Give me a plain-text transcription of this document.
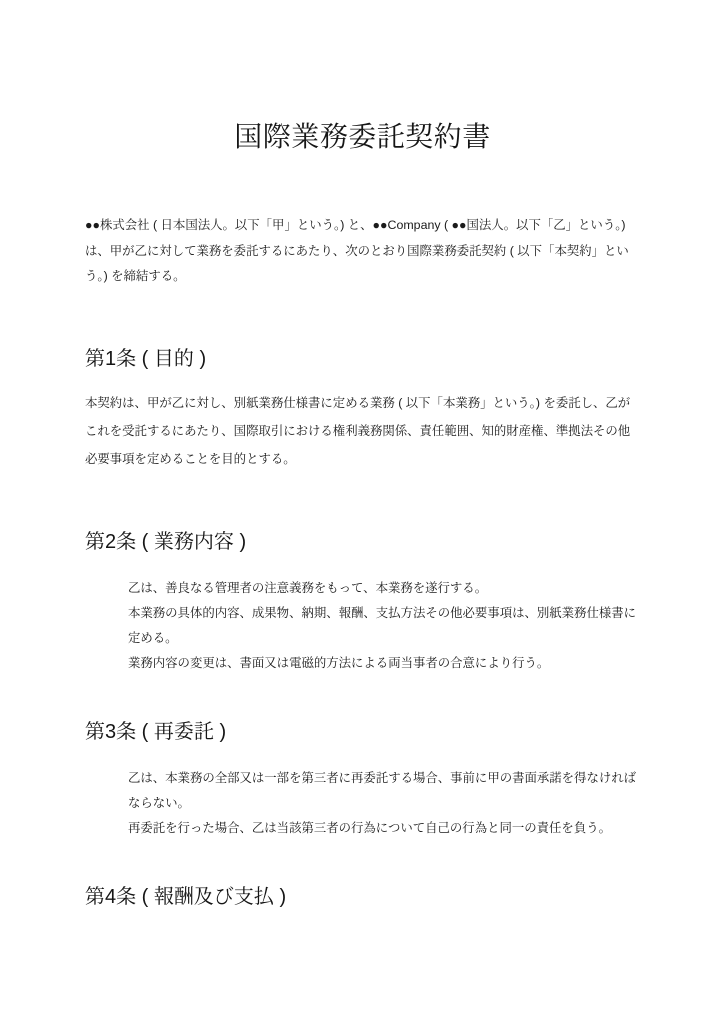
国際業務委託契約書

●●株式会社 ( 日本国法人。以下「甲」という。) と、●●Company ( ●●国法人。以下「乙」という。) は、甲が乙に対して業務を委託するにあたり、次のとおり国際業務委託契約 ( 以下「本契約」という。) を締結する。

第1条 ( 目的 )

本契約は、甲が乙に対し、別紙業務仕様書に定める業務 ( 以下「本業務」という。) を委託し、乙がこれを受託するにあたり、国際取引における権利義務関係、責任範囲、知的財産権、準拠法その他必要事項を定めることを目的とする。

第2条 ( 業務内容 )

乙は、善良なる管理者の注意義務をもって、本業務を遂行する。

本業務の具体的内容、成果物、納期、報酬、支払方法その他必要事項は、別紙業務仕様書に定める。

業務内容の変更は、書面又は電磁的方法による両当事者の合意により行う。

第3条 ( 再委託 )

乙は、本業務の全部又は一部を第三者に再委託する場合、事前に甲の書面承諾を得なければならない。

再委託を行った場合、乙は当該第三者の行為について自己の行為と同一の責任を負う。

第4条 ( 報酬及び支払 )
